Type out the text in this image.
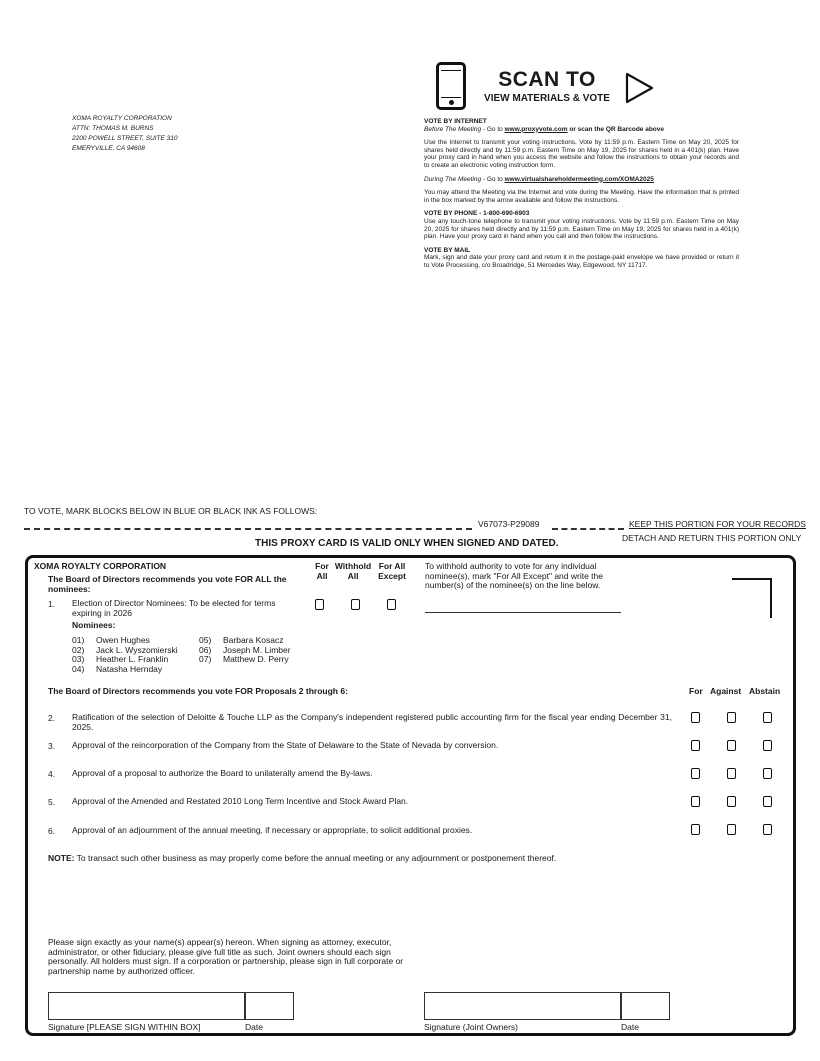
SCAN TO
VIEW MATERIALS & VOTE
XOMA ROYALTY CORPORATION
ATTN: THOMAS M. BURNS
2200 POWELL STREET, SUITE 310
EMERYVILLE, CA 94608
VOTE BY INTERNET
Before The Meeting - Go to www.proxyvote.com or scan the QR Barcode above

Use the Internet to transmit your voting instructions. Vote by 11:59 p.m. Eastern Time on May 20, 2025 for shares held directly and by 11:59 p.m. Eastern Time on May 19, 2025 for shares held in a 401(k) plan. Have your proxy card in hand when you access the website and follow the instructions to obtain your records and to create an electronic voting instruction form.

During The Meeting - Go to www.virtualshareholdermeeting.com/XOMA2025

You may attend the Meeting via the Internet and vote during the Meeting. Have the information that is printed in the box marked by the arrow available and follow the instructions.

VOTE BY PHONE - 1-800-690-6903

Use any touch-tone telephone to transmit your voting instructions. Vote by 11:59 p.m. Eastern Time on May 20, 2025 for shares held directly and by 11:59 p.m. Eastern Time on May 19, 2025 for shares held in a 401(k) plan. Have your proxy card in hand when you call and then follow the instructions.

VOTE BY MAIL

Mark, sign and date your proxy card and return it in the postage-paid envelope we have provided or return it to Vote Processing, c/o Broadridge, 51 Mercedes Way, Edgewood, NY 11717.

TO VOTE, MARK BLOCKS BELOW IN BLUE OR BLACK INK AS FOLLOWS:
V67073-P29089	KEEP THIS PORTION FOR YOUR RECORDS
DETACH AND RETURN THIS PORTION ONLY
THIS PROXY CARD IS VALID ONLY WHEN SIGNED AND DATED.
XOMA ROYALTY CORPORATION
The Board of Directors recommends you vote FOR ALL the nominees:
For
All
Withhold
All
For All
Except
To withhold authority to vote for any individual nominee(s), mark "For All Except" and write the number(s) of the nominee(s) on the line below.
1. Election of Director Nominees: To be elected for terms expiring in 2026
Nominees:
01) Owen Hughes
02) Jack L. Wyszomierski
03) Heather L. Franklin
04) Natasha Hernday
05) Barbara Kosacz
06) Joseph M. Limber
07) Matthew D. Perry
The Board of Directors recommends you vote FOR Proposals 2 through 6:	For Against Abstain
2. Ratification of the selection of Deloitte & Touche LLP as the Company's independent registered public accounting firm for the fiscal year ending December 31, 2025.
3. Approval of the reincorporation of the Company from the State of Delaware to the State of Nevada by conversion.
4. Approval of a proposal to authorize the Board to unilaterally amend the By-laws.
5. Approval of the Amended and Restated 2010 Long Term Incentive and Stock Award Plan.
6. Approval of an adjournment of the annual meeting, if necessary or appropriate, to solicit additional proxies.
NOTE: To transact such other business as may properly come before the annual meeting or any adjournment or postponement thereof.
Please sign exactly as your name(s) appear(s) hereon. When signing as attorney, executor, administrator, or other fiduciary, please give full title as such. Joint owners should each sign personally. All holders must sign. If a corporation or partnership, please sign in full corporate or partnership name by authorized officer.
Signature [PLEASE SIGN WITHIN BOX]	Date	Signature (Joint Owners)	Date
